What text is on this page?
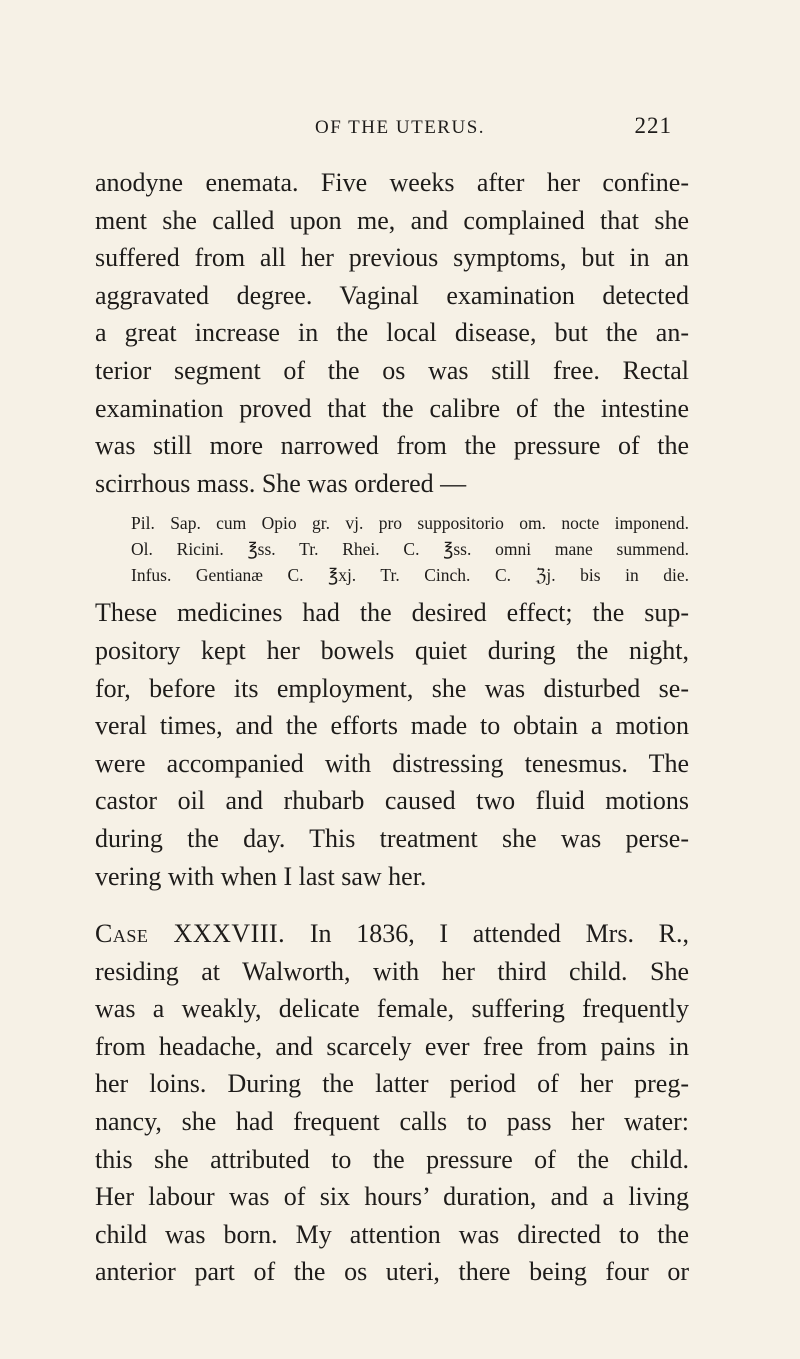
OF THE UTERUS.	221
anodyne enemata. Five weeks after her confine-
ment she called upon me, and complained that she
suffered from all her previous symptoms, but in an
aggravated degree. Vaginal examination detected
a great increase in the local disease, but the an-
terior segment of the os was still free. Rectal
examination proved that the calibre of the intestine
was still more narrowed from the pressure of the
scirrhous mass. She was ordered —
Pil. Sap. cum Opio gr. vj. pro suppositorio om. nocte imponend.
Ol. Ricini. ℥ss. Tr. Rhei. C. ℥ss. omni mane summend.
Infus. Gentianæ C. ℥xj. Tr. Cinch. C. ℨj. bis in die.
These medicines had the desired effect; the sup-
pository kept her bowels quiet during the night,
for, before its employment, she was disturbed se-
veral times, and the efforts made to obtain a motion
were accompanied with distressing tenesmus. The
castor oil and rhubarb caused two fluid motions
during the day. This treatment she was perse-
vering with when I last saw her.
Case XXXVIII. In 1836, I attended Mrs. R.,
residing at Walworth, with her third child. She
was a weakly, delicate female, suffering frequently
from headache, and scarcely ever free from pains in
her loins. During the latter period of her preg-
nancy, she had frequent calls to pass her water:
this she attributed to the pressure of the child.
Her labour was of six hours’ duration, and a living
child was born. My attention was directed to the
anterior part of the os uteri, there being four or
